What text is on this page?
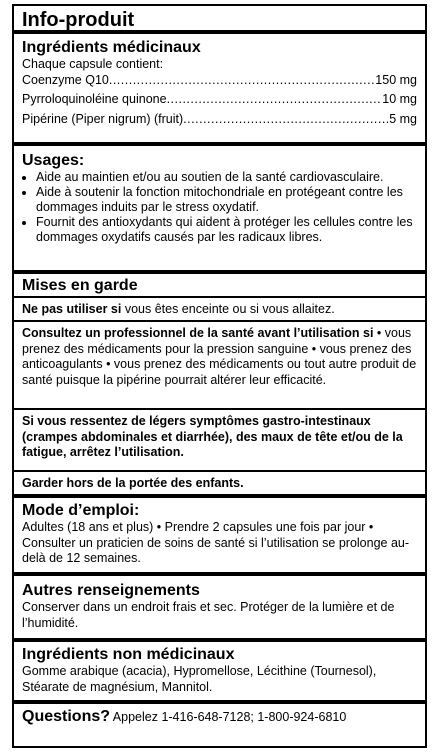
Info-produit
Ingrédients médicinaux
Chaque capsule contient:
Coenzyme Q10 .....	150 mg
Pyrroloquinoléine quinone .....	10 mg
Pipérine (Piper nigrum) (fruit) .....	5 mg
Usages:
• Aide au maintien et/ou au soutien de la santé cardiovasculaire.
• Aide à soutenir la fonction mitochondriale en protégeant contre les dommages induits par le stress oxydatif.
• Fournit des antioxydants qui aident à protéger les cellules contre les dommages oxydatifs causés par les radicaux libres.
Mises en garde
Ne pas utiliser si vous êtes enceinte ou si vous allaitez.
Consultez un professionnel de la santé avant l’utilisation si • vous prenez des médicaments pour la pression sanguine • vous prenez des anticoagulants • vous prenez des médicaments ou tout autre produit de santé puisque la pipérine pourrait altérer leur efficacité.
Si vous ressentez de légers symptômes gastro-intestinaux (crampes abdominales et diarrhée), des maux de tête et/ou de la fatigue, arrêtez l’utilisation.
Garder hors de la portée des enfants.
Mode d’emploi:
Adultes (18 ans et plus) • Prendre 2 capsules une fois par jour • Consulter un praticien de soins de santé si l’utilisation se prolonge au-delà de 12 semaines.
Autres renseignements
Conserver dans un endroit frais et sec. Protéger de la lumière et de l’humidité.
Ingrédients non médicinaux
Gomme arabique (acacia), Hypromellose, Lécithine (Tournesol), Stéarate de magnésium, Mannitol.
Questions? Appelez 1-416-648-7128; 1-800-924-6810
